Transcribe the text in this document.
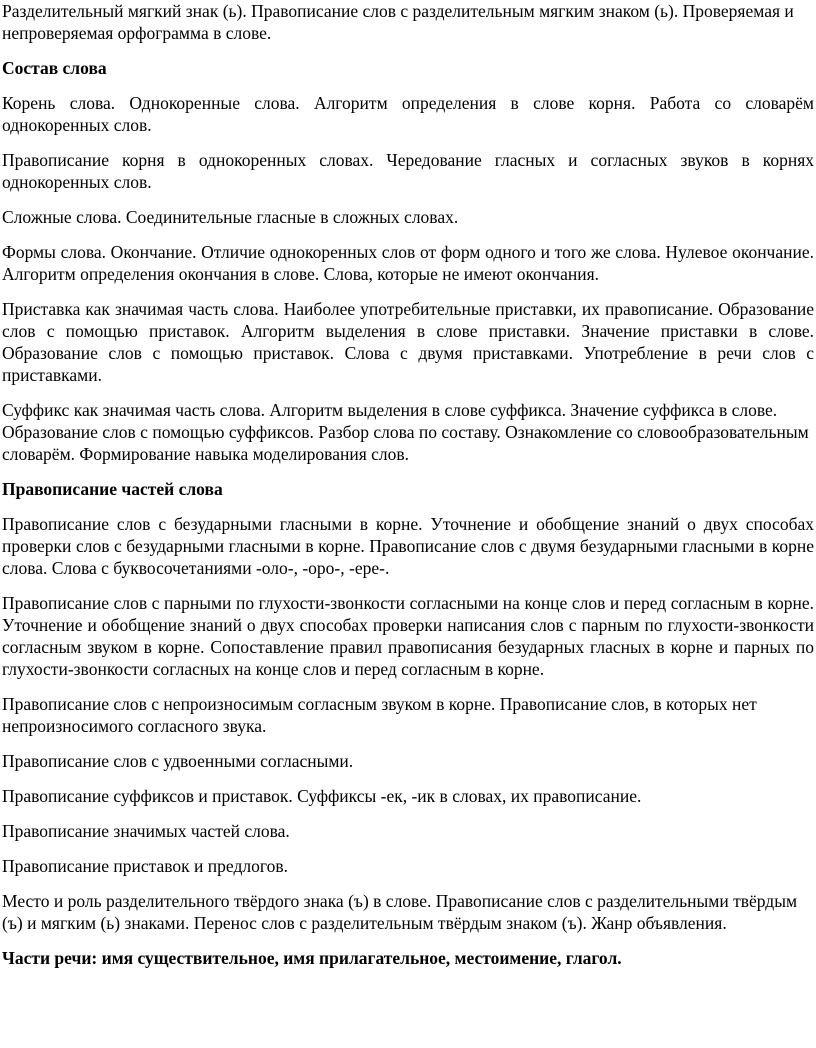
Разделительный мягкий знак (ь). Правописание слов с разделительным мягким знаком (ь). Проверяемая и непроверяемая орфограмма в слове.

Состав слова

Корень слова. Однокоренные слова. Алгоритм определения в слове корня. Работа со словарём однокоренных слов.

Правописание корня в однокоренных словах. Чередование гласных и согласных звуков в корнях однокоренных слов.

Сложные слова. Соединительные гласные в сложных словах.

Формы слова. Окончание. Отличие однокоренных слов от форм одного и того же слова. Нулевое окончание. Алгоритм определения окончания в слове. Слова, которые не имеют окончания.

Приставка как значимая часть слова. Наиболее употребительные приставки, их правописание. Образование слов с помощью приставок. Алгоритм выделения в слове приставки. Значение приставки в слове. Образование слов с помощью приставок. Слова с двумя приставками. Употребление в речи слов с приставками.

Суффикс как значимая часть слова. Алгоритм выделения в слове суффикса. Значение суффикса в слове. Образование слов с помощью суффиксов. Разбор слова по составу. Ознакомление со словообразовательным словарём. Формирование навыка моделирования слов.

Правописание частей слова

Правописание слов с безударными гласными в корне. Уточнение и обобщение знаний о двух способах проверки слов с безударными гласными в корне. Правописание слов с двумя безударными гласными в корне слова. Слова с буквосочетаниями -оло-, -оро-, -ере-.

Правописание слов с парными по глухости-звонкости согласными на конце слов и перед согласным в корне. Уточнение и обобщение знаний о двух способах проверки написания слов с парным по глухости-звонкости согласным звуком в корне. Сопоставление правил правописания безударных гласных в корне и парных по глухости-звонкости согласных на конце слов и перед согласным в корне.

Правописание слов с непроизносимым согласным звуком в корне. Правописание слов, в которых нет непроизносимого согласного звука.

Правописание слов с удвоенными согласными.

Правописание суффиксов и приставок. Суффиксы -ек, -ик в словах, их правописание.

Правописание значимых частей слова.

Правописание приставок и предлогов.

Место и роль разделительного твёрдого знака (ъ) в слове. Правописание слов с разделительными твёрдым (ъ) и мягким (ь) знаками. Перенос слов с разделительным твёрдым знаком (ъ). Жанр объявления.

Части речи: имя существительное, имя прилагательное, местоимение, глагол.
